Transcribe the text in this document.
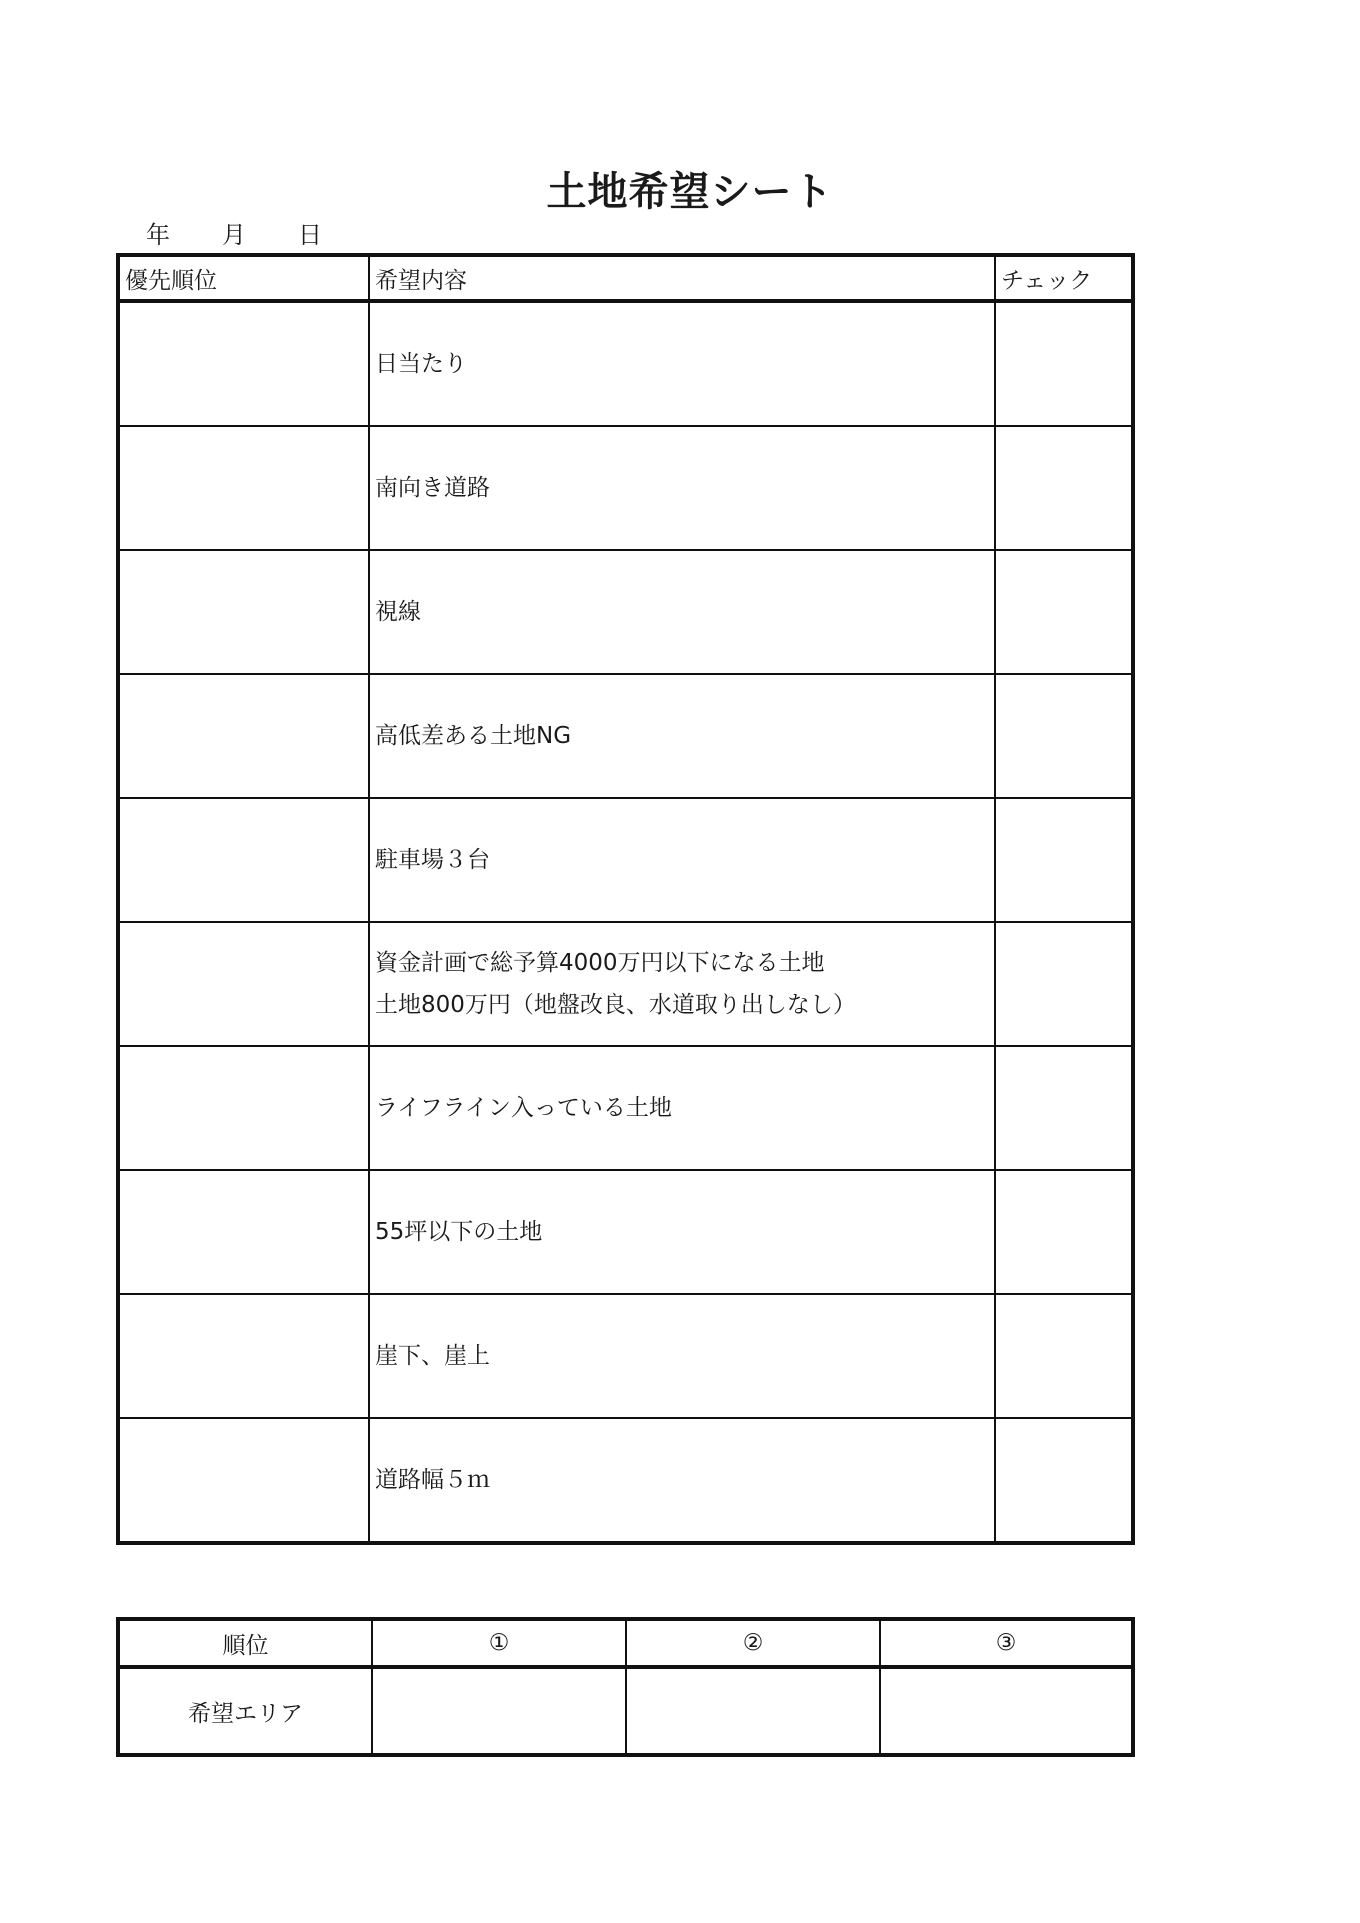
土地希望シート
年 月 日
優先順位	希望内容	チェック

	日当たり	

	南向き道路	

	視線	

	高低差ある土地NG	

	駐車場３台	

	資金計画で総予算4000万円以下になる土地
土地800万円（地盤改良、水道取り出しなし）	

	ライフライン入っている土地	

	55坪以下の土地	

	崖下、崖上	

	道路幅５ｍ	

順位	①	②	③
希望エリア			
